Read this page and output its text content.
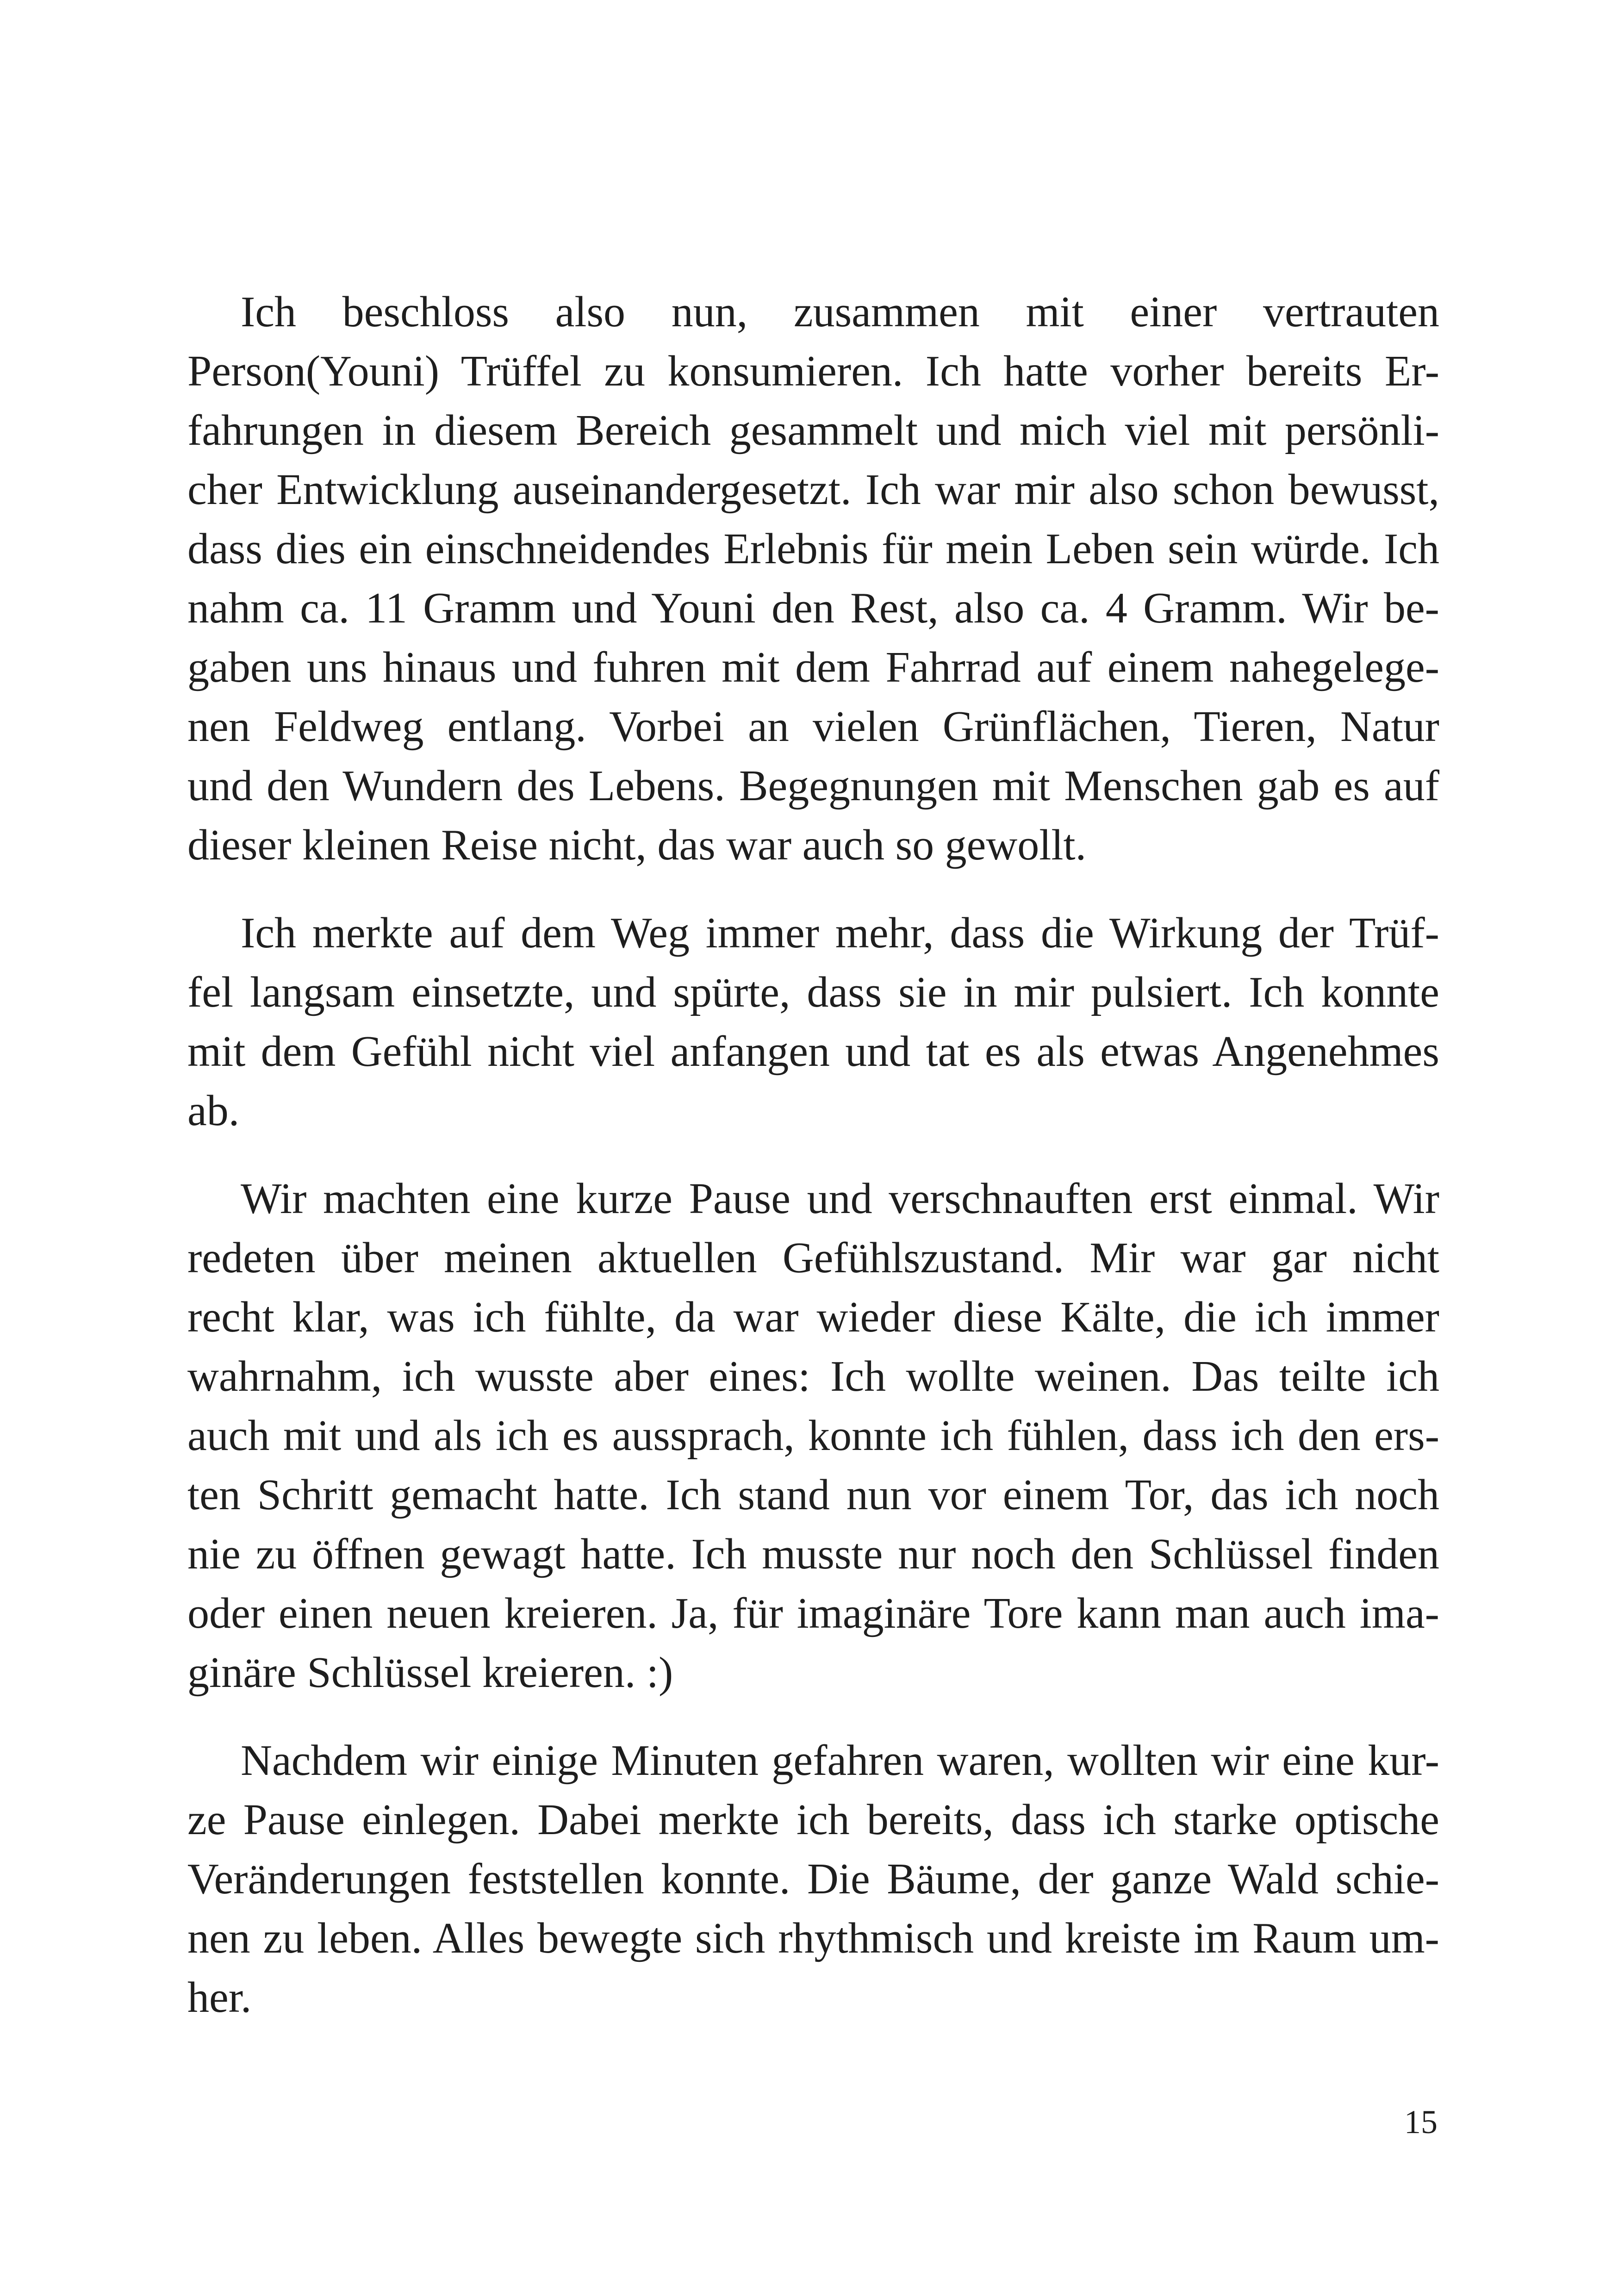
Ich beschloss also nun, zusammen mit einer vertrauten
Person(Youni) Trüffel zu konsumieren. Ich hatte vorher bereits Er-
fahrungen in diesem Bereich gesammelt und mich viel mit persönli-
cher Entwicklung auseinandergesetzt. Ich war mir also schon bewusst,
dass dies ein einschneidendes Erlebnis für mein Leben sein würde. Ich
nahm ca. 11 Gramm und Youni den Rest, also ca. 4 Gramm. Wir be-
gaben uns hinaus und fuhren mit dem Fahrrad auf einem nahegelege-
nen Feldweg entlang. Vorbei an vielen Grünflächen, Tieren, Natur
und den Wundern des Lebens. Begegnungen mit Menschen gab es auf
dieser kleinen Reise nicht, das war auch so gewollt.
Ich merkte auf dem Weg immer mehr, dass die Wirkung der Trüf-
fel langsam einsetzte, und spürte, dass sie in mir pulsiert. Ich konnte
mit dem Gefühl nicht viel anfangen und tat es als etwas Angenehmes
ab.
Wir machten eine kurze Pause und verschnauften erst einmal. Wir
redeten über meinen aktuellen Gefühlszustand. Mir war gar nicht
recht klar, was ich fühlte, da war wieder diese Kälte, die ich immer
wahrnahm, ich wusste aber eines: Ich wollte weinen. Das teilte ich
auch mit und als ich es aussprach, konnte ich fühlen, dass ich den ers-
ten Schritt gemacht hatte. Ich stand nun vor einem Tor, das ich noch
nie zu öffnen gewagt hatte. Ich musste nur noch den Schlüssel finden
oder einen neuen kreieren. Ja, für imaginäre Tore kann man auch ima-
ginäre Schlüssel kreieren. :)
Nachdem wir einige Minuten gefahren waren, wollten wir eine kur-
ze Pause einlegen. Dabei merkte ich bereits, dass ich starke optische
Veränderungen feststellen konnte. Die Bäume, der ganze Wald schie-
nen zu leben. Alles bewegte sich rhythmisch und kreiste im Raum um-
her.
15
